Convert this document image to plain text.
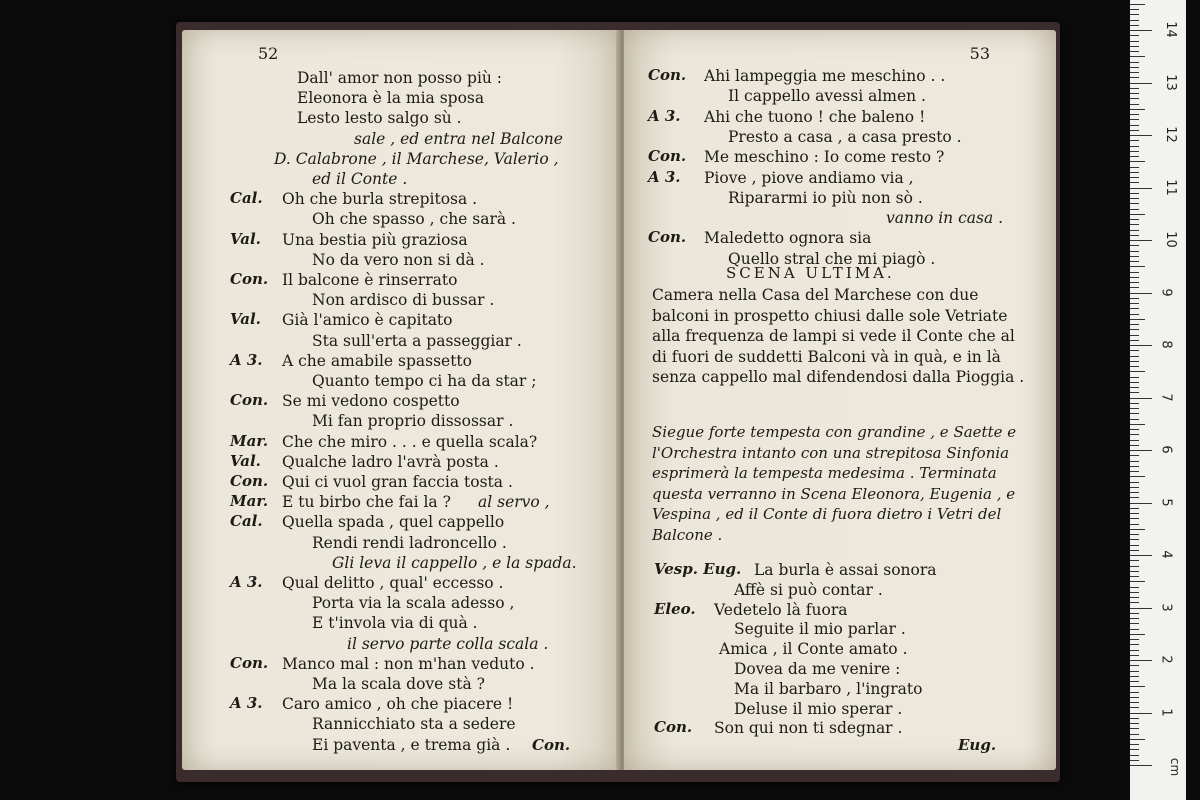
52
Dall' amor non posso più :
Eleonora è la mia sposa
Lesto lesto salgo sù .
sale , ed entra nel Balcone
D. Calabrone , il Marchese, Valerio ,
ed il Conte .
Cal. Oh che burla strepitosa .
Oh che spasso , che sarà .
Val. Una bestia più graziosa
No da vero non si dà .
Con. Il balcone è rinserrato
Non ardisco di bussar .
Val. Già l'amico è capitato
Sta sull'erta a passeggiar .
A 3. A che amabile spassetto
Quanto tempo ci ha da star ;
Con. Se mi vedono cospetto
Mi fan proprio dissossar .
Mar. Che che miro . . . e quella scala?
Val. Qualche ladro l'avrà posta .
Con. Qui ci vuol gran faccia tosta .
Mar. E tu birbo che fai la ? al servo ,
Cal. Quella spada , quel cappello
Rendi rendi ladroncello .
Gli leva il cappello , e la spada.
A 3. Qual delitto , qual' eccesso .
Porta via la scala adesso ,
E t'invola via di quà .
il servo parte colla scala .
Con. Manco mal : non m'han veduto .
Ma la scala dove stà ?
A 3. Caro amico , oh che piacere !
Rannicchiato sta a sedere
Ei paventa , e trema già . Con.
53
Con. Ahi lampeggia me meschino . .
Il cappello avessi almen .
A 3. Ahi che tuono ! che baleno !
Presto a casa , a casa presto .
Con. Me meschino : Io come resto ?
A 3. Piove , piove andiamo via ,
Ripararmi io più non sò .
vanno in casa .
Con. Maledetto ognora sia
Quello stral che mi piagò .
SCENA ULTIMA.
Camera nella Casa del Marchese con due balconi in prospetto chiusi dalle sole Vetriate alla frequenza de lampi si vede il Conte che al di fuori de suddetti Balconi và in quà, e in là senza cappello mal difendendosi dalla Pioggia .
Siegue forte tempesta con grandine , e Saette e l'Orchestra intanto con una strepitosa Sinfonia esprimerà la tempesta medesima . Terminata questa verranno in Scena Eleonora, Eugenia , e Vespina , ed il Conte di fuora dietro i Vetri del Balcone .
Vesp. Eug. La burla è assai sonora
Affè si può contar .
Eleo. Vedetelo là fuora
Seguite il mio parlar .
Amica , il Conte amato .
Dovea da me venire :
Ma il barbaro , l'ingrato
Deluse il mio sperar .
Con. Son qui non ti sdegnar .
Eug.
cm
14
13
12
11
10
9
8
7
6
5
4
3
2
1
